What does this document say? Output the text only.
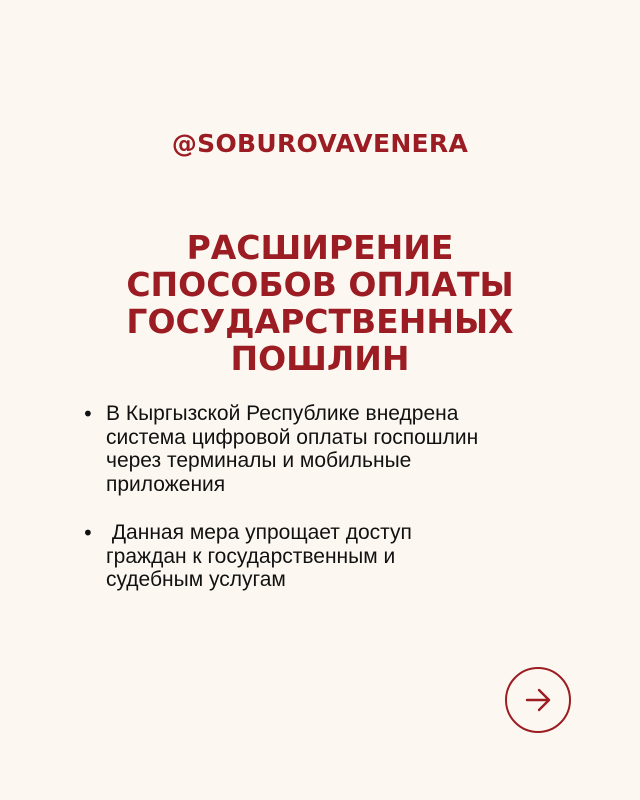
@SOBUROVAVENERA
РАСШИРЕНИЕ
СПОСОБОВ ОПЛАТЫ
ГОСУДАРСТВЕННЫХ
ПОШЛИН
• В Кыргызской Республике внедрена
система цифровой оплаты госпошлин
через терминалы и мобильные
приложения
• Данная мера упрощает доступ
граждан к государственным и
судебным услугам
